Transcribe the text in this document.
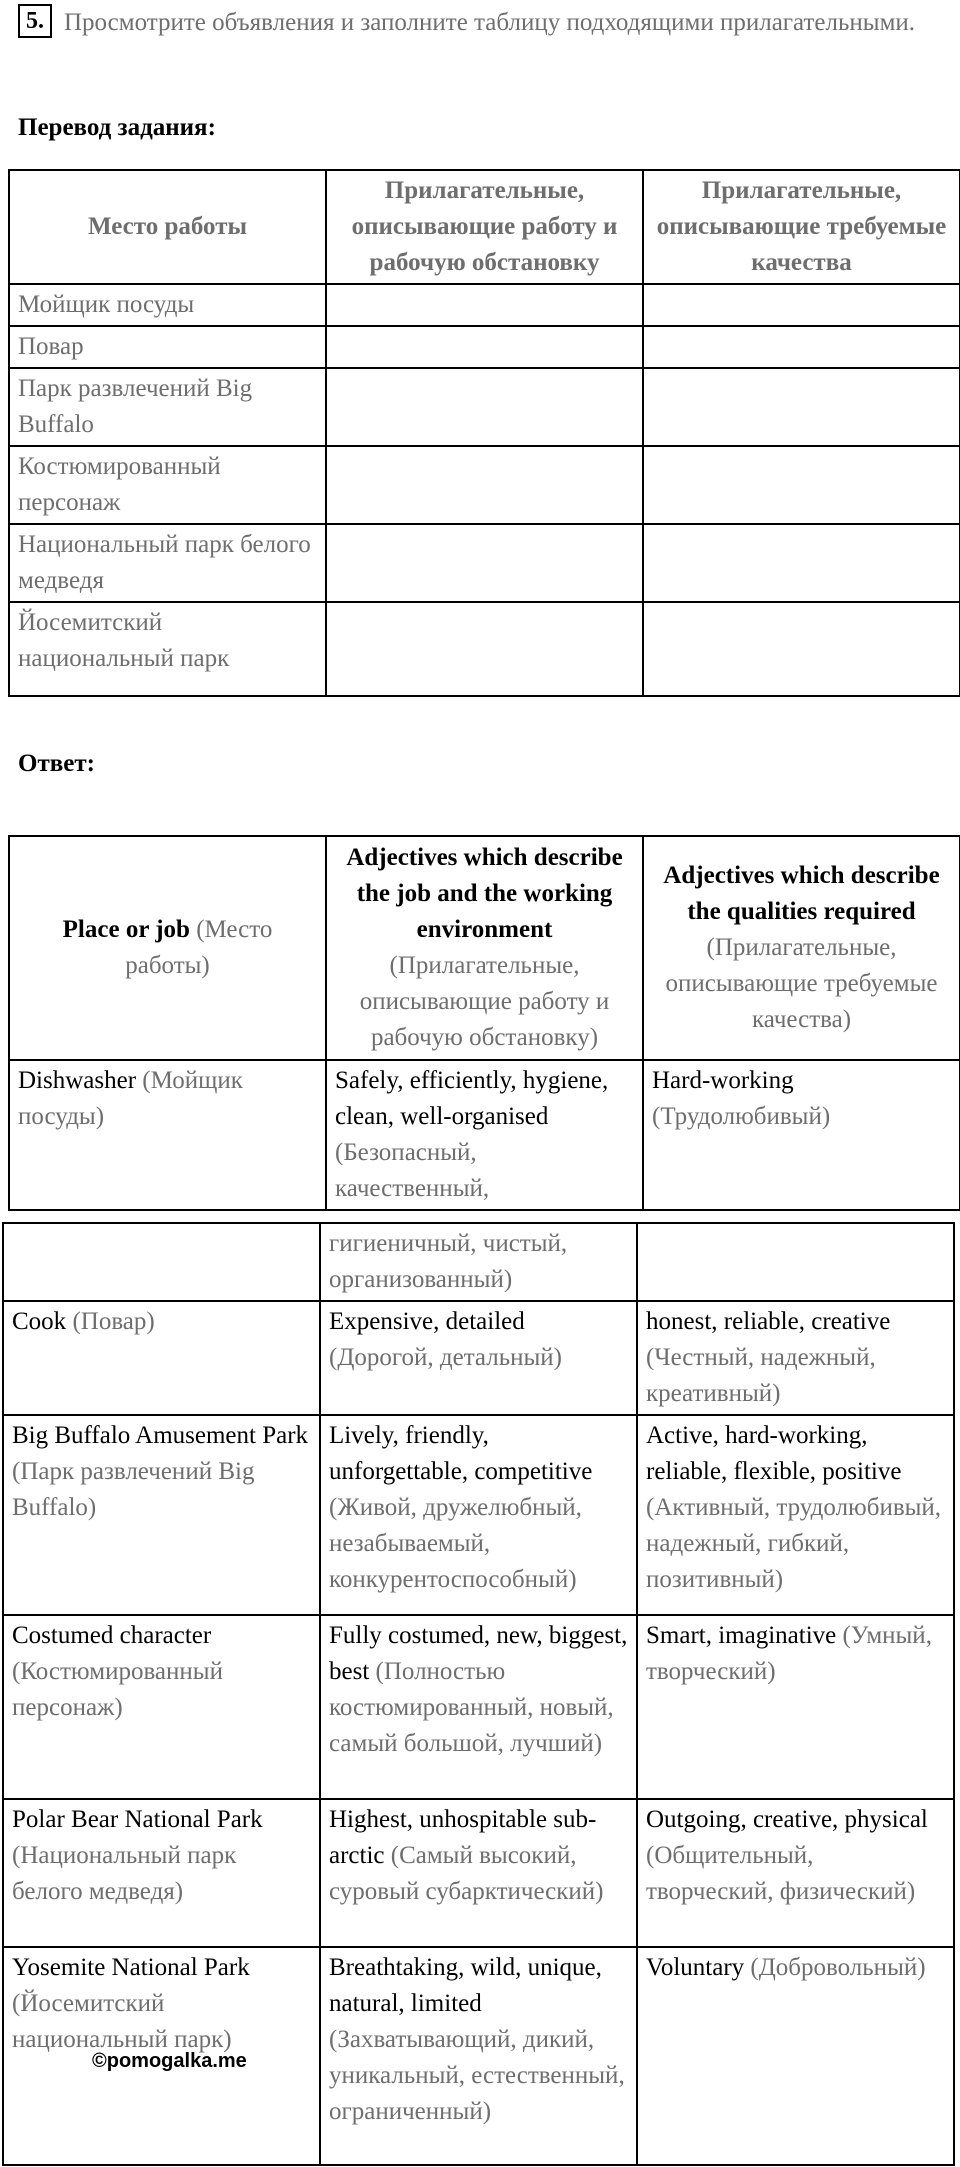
5. Просмотрите объявления и заполните таблицу подходящими прилагательными.
Перевод задания:
Место работы	Прилагательные, описывающие работу и рабочую обстановку	Прилагательные, описывающие требуемые качества
Мойщик посуды		
Повар		
Парк развлечений Big Buffalo		
Костюмированный персонаж		
Национальный парк белого медведя		
Йосемитский национальный парк		
Ответ:
Place or job (Место работы)	Adjectives which describe the job and the working environment (Прилагательные, описывающие работу и рабочую обстановку)	Adjectives which describe the qualities required (Прилагательные, описывающие требуемые качества)
Dishwasher (Мойщик посуды)	Safely, efficiently, hygiene, clean, well-organised (Безопасный, качественный,	Hard-working (Трудолюбивый)
	гигиеничный, чистый, организованный)	
Cook (Повар)	Expensive, detailed (Дорогой, детальный)	honest, reliable, creative (Честный, надежный, креативный)
Big Buffalo Amusement Park (Парк развлечений Big Buffalo)	Lively, friendly, unforgettable, competitive (Живой, дружелюбный, незабываемый, конкурентоспособный)	Active, hard-working, reliable, flexible, positive (Активный, трудолюбивый, надежный, гибкий, позитивный)
Costumed character (Костюмированный персонаж)	Fully costumed, new, biggest, best (Полностью костюмированный, новый, самый большой, лучший)	Smart, imaginative (Умный, творческий)
Polar Bear National Park (Национальный парк белого медведя)	Highest, unhospitable sub-arctic (Самый высокий, суровый субарктический)	Outgoing, creative, physical (Общительный, творческий, физический)
Yosemite National Park (Йосемитский национальный парк)	Breathtaking, wild, unique, natural, limited (Захватывающий, дикий, уникальный, естественный, ограниченный)	Voluntary (Добровольный)
©pomogalka.me
